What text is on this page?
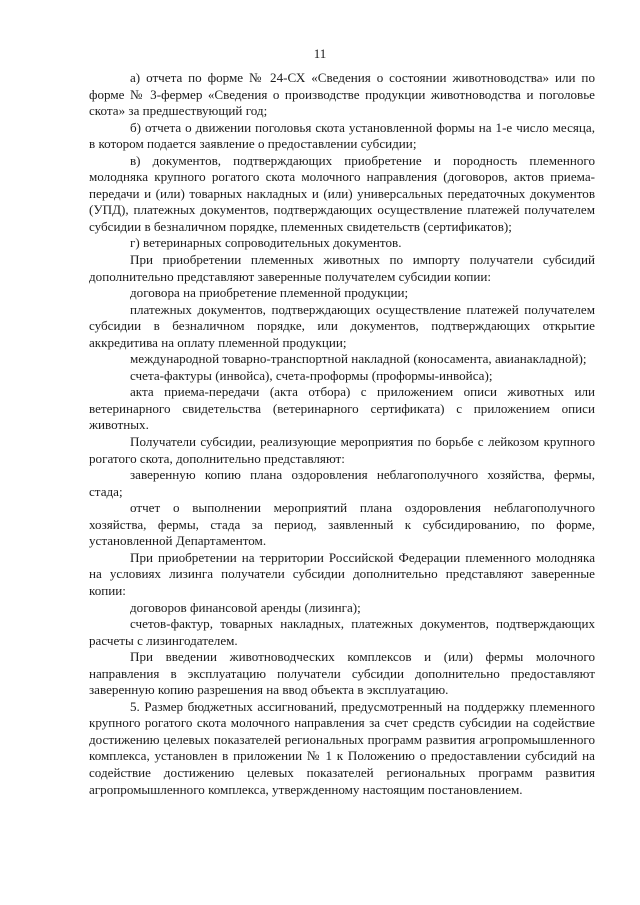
11

а) отчета по форме № 24-СХ «Сведения о состоянии животноводства» или по форме № 3-фермер «Сведения о производстве продукции животноводства и поголовье скота» за предшествующий год;

б) отчета о движении поголовья скота установленной формы на 1-е число месяца, в котором подается заявление о предоставлении субсидии;

в) документов, подтверждающих приобретение и породность племенного молодняка крупного рогатого скота молочного направления (договоров, актов приема-передачи и (или) товарных накладных и (или) универсальных передаточных документов (УПД), платежных документов, подтверждающих осуществление платежей получателем субсидии в безналичном порядке, племенных свидетельств (сертификатов);

г) ветеринарных сопроводительных документов.

При приобретении племенных животных по импорту получатели субсидий дополнительно представляют заверенные получателем субсидии копии:

договора на приобретение племенной продукции;

платежных документов, подтверждающих осуществление платежей получателем субсидии в безналичном порядке, или документов, подтверждающих открытие аккредитива на оплату племенной продукции;

международной товарно-транспортной накладной (коносамента, авианакладной);

счета-фактуры (инвойса), счета-проформы (проформы-инвойса);

акта приема-передачи (акта отбора) с приложением описи животных или ветеринарного свидетельства (ветеринарного сертификата) с приложением описи животных.

Получатели субсидии, реализующие мероприятия по борьбе с лейкозом крупного рогатого скота, дополнительно представляют:

заверенную копию плана оздоровления неблагополучного хозяйства, фермы, стада;

отчет о выполнении мероприятий плана оздоровления неблагополучного хозяйства, фермы, стада за период, заявленный к субсидированию, по форме, установленной Департаментом.

При приобретении на территории Российской Федерации племенного молодняка на условиях лизинга получатели субсидии дополнительно представляют заверенные копии:

договоров финансовой аренды (лизинга);

счетов-фактур, товарных накладных, платежных документов, подтверждающих расчеты с лизингодателем.

При введении животноводческих комплексов и (или) фермы молочного направления в эксплуатацию получатели субсидии дополнительно предоставляют заверенную копию разрешения на ввод объекта в эксплуатацию.

5. Размер бюджетных ассигнований, предусмотренный на поддержку племенного крупного рогатого скота молочного направления за счет средств субсидии на содействие достижению целевых показателей региональных программ развития агропромышленного комплекса, установлен в приложении № 1 к Положению о предоставлении субсидий на содействие достижению целевых показателей региональных программ развития агропромышленного комплекса, утвержденному настоящим постановлением.
